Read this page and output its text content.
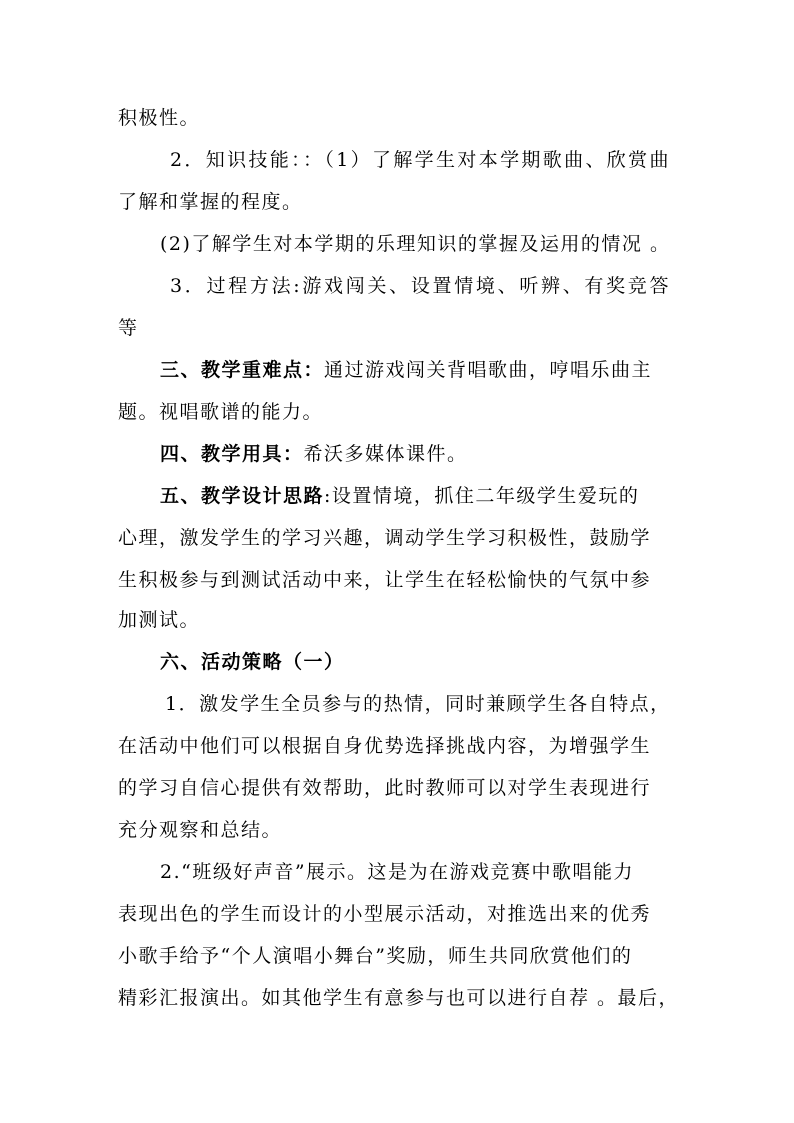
积极性。
2．知识技能：：（1）了解学生对本学期歌曲、欣赏曲
了解和掌握的程度。
(2)了解学生对本学期的乐理知识的掌握及运用的情况 。
3．过程方法:游戏闯关、设置情境、听辨、有奖竞答
等
三、教学重难点：通过游戏闯关背唱歌曲，哼唱乐曲主
题。视唱歌谱的能力。
四、教学用具：希沃多媒体课件。
五、教学设计思路:设置情境，抓住二年级学生爱玩的
心理，激发学生的学习兴趣，调动学生学习积极性，鼓励学
生积极参与到测试活动中来，让学生在轻松愉快的气氛中参
加测试。
六、活动策略（一）
1．激发学生全员参与的热情，同时兼顾学生各自特点，
在活动中他们可以根据自身优势选择挑战内容，为增强学生
的学习自信心提供有效帮助，此时教师可以对学生表现进行
充分观察和总结。
2.“班级好声音”展示。这是为在游戏竞赛中歌唱能力
表现出色的学生而设计的小型展示活动，对推选出来的优秀
小歌手给予“个人演唱小舞台”奖励，师生共同欣赏他们的
精彩汇报演出。如其他学生有意参与也可以进行自荐 。最后，
